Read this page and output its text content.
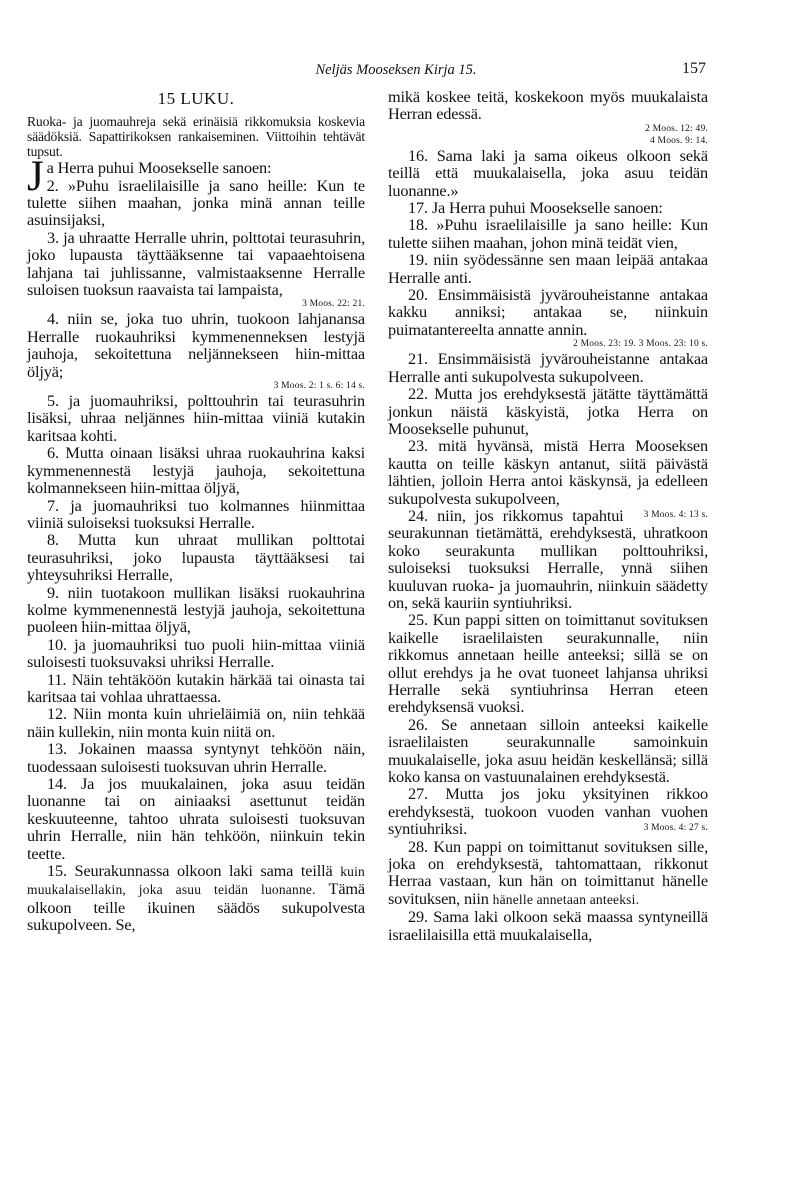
Neljäs Mooseksen Kirja 15.	157
15 LUKU.

Ruoka- ja juomauhreja sekä erinäisiä rikkomuksia koskevia säädöksiä. Sapattirikoksen rankaiseminen. Viittoihin tehtävät tupsut.

Ja Herra puhui Moosekselle sanoen:

2. »Puhu israelilaisille ja sano heille: Kun te tulette siihen maahan, jonka minä annan teille asuinsijaksi,

3. ja uhraatte Herralle uhrin, polttotai teurasuhrin, joko lupausta täyttääksenne tai vapaaehtoisena lahjana tai juhlissanne, valmistaaksenne Herralle suloisen tuoksun raavaista tai lampaista,

3 Moos. 22: 21.

4. niin se, joka tuo uhrin, tuokoon lahjanansa Herralle ruokauhriksi kymmenenneksen lestyjä jauhoja, sekoitettuna neljännekseen hiin-mittaa öljyä;

3 Moos. 2: 1 s. 6: 14 s.

5. ja juomauhriksi, polttouhrin tai teurasuhrin lisäksi, uhraa neljännes hiin-mittaa viiniä kutakin karitsaa kohti.

6. Mutta oinaan lisäksi uhraa ruokauhrina kaksi kymmenennestä lestyjä jauhoja, sekoitettuna kolmannekseen hiin-mittaa öljyä,

7. ja juomauhriksi tuo kolmannes hiinmittaa viiniä suloiseksi tuoksuksi Herralle.

8. Mutta kun uhraat mullikan polttotai teurasuhriksi, joko lupausta täyttääksesi tai yhteysuhriksi Herralle,

9. niin tuotakoon mullikan lisäksi ruokauhrina kolme kymmenennestä lestyjä jauhoja, sekoitettuna puoleen hiin-mittaa öljyä,

10. ja juomauhriksi tuo puoli hiin-mittaa viiniä suloisesti tuoksuvaksi uhriksi Herralle.

11. Näin tehtäköön kutakin härkää tai oinasta tai karitsaa tai vohlaa uhrattaessa.

12. Niin monta kuin uhrieläimiä on, niin tehkää näin kullekin, niin monta kuin niitä on.

13. Jokainen maassa syntynyt tehköön näin, tuodessaan suloisesti tuoksuvan uhrin Herralle.

14. Ja jos muukalainen, joka asuu teidän luonanne tai on ainiaaksi asettunut teidän keskuuteenne, tahtoo uhrata suloisesti tuoksuvan uhrin Herralle, niin hän tehköön, niinkuin tekin teette.

15. Seurakunnassa olkoon laki sama teillä kuin muukalaisellakin, joka asuu teidän luonanne. Tämä olkoon teille ikuinen säädös sukupolvesta sukupolveen. Se,

mikä koskee teitä, koskekoon myös muukalaista Herran edessä.

2 Moos. 12: 49.
4 Moos. 9: 14.

16. Sama laki ja sama oikeus olkoon sekä teillä että muukalaisella, joka asuu teidän luonanne.»

17. Ja Herra puhui Moosekselle sanoen:

18. »Puhu israelilaisille ja sano heille: Kun tulette siihen maahan, johon minä teidät vien,

19. niin syödessänne sen maan leipää antakaa Herralle anti.

20. Ensimmäisistä jyvärouheistanne antakaa kakku anniksi; antakaa se, niinkuin puimatantereelta annatte annin.

2 Moos. 23: 19. 3 Moos. 23: 10 s.

21. Ensimmäisistä jyvärouheistanne antakaa Herralle anti sukupolvesta sukupolveen.

22. Mutta jos erehdyksestä jätätte täyttämättä jonkun näistä käskyistä, jotka Herra on Moosekselle puhunut,

23. mitä hyvänsä, mistä Herra Mooseksen kautta on teille käskyn antanut, siitä päivästä lähtien, jolloin Herra antoi käskynsä, ja edelleen sukupolvesta sukupolveen,

3 Moos. 4: 13 s.
24. niin, jos rikkomus tapahtui seurakunnan tietämättä, erehdyksestä, uhratkoon koko seurakunta mullikan polttouhriksi, suloiseksi tuoksuksi Herralle, ynnä siihen kuuluvan ruoka- ja juomauhrin, niinkuin säädetty on, sekä kauriin syntiuhriksi.

25. Kun pappi sitten on toimittanut sovituksen kaikelle israelilaisten seurakunnalle, niin rikkomus annetaan heille anteeksi; sillä se on ollut erehdys ja he ovat tuoneet lahjansa uhriksi Herralle sekä syntiuhrinsa Herran eteen erehdyksensä vuoksi.

26. Se annetaan silloin anteeksi kaikelle israelilaisten seurakunnalle samoinkuin muukalaiselle, joka asuu heidän keskellänsä; sillä koko kansa on vastuunalainen erehdyksestä.

27. Mutta jos joku yksityinen rikkoo erehdyksestä, tuokoon vuoden vanhan vuohen syntiuhriksi.	3 Moos. 4: 27 s.

28. Kun pappi on toimittanut sovituksen sille, joka on erehdyksestä, tahtomattaan, rikkonut Herraa vastaan, kun hän on toimittanut hänelle sovituksen, niin hänelle annetaan anteeksi.

29. Sama laki olkoon sekä maassa syntyneillä israelilaisilla että muukalaisella,
